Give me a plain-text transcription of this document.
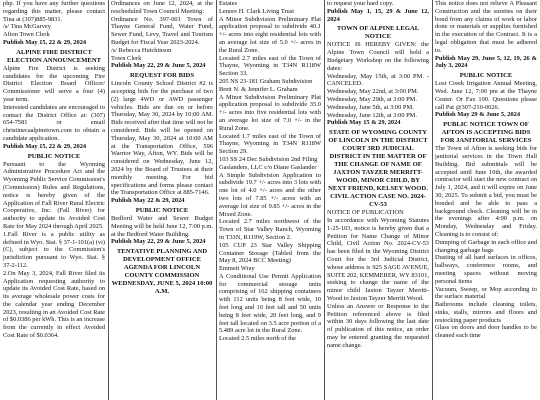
php. If you have any further questions regarding this matter, please contact Tina at (307)885-9831.

/s/ Tina McGarvey

Afton Town Clerk

Publish May 15, 22 & 29, 2024

ALPINE FIRE DISTRICT ELECTION ANNOUNCEMENT

Alpine Fire District is seeking candidates for the upcoming Fire District Election Board Officer/ Commissioner will serve a four (4) year term.

Interested candidates are encouraged to contact the District Office at: (307) 654-7581 or email christinecaalpinetown.com to obtain a candidate application.

Publish May 15, 22 & 29, 2024

PUBLIC NOTICE

Pursuant to the Wyoming Administrative Procedure Act and the Wyoming Public Service Commission's (Commission) Rules and Regulations, notice is hereby given of the Application of Fall River Rural Electric Cooperative, Inc. (Fall River) for authority to update its Avoided Cost Rate for May 2024 through April 2025.

1.Fall River is a public utility as defined in Wyo. Stat. § 37-1-101(a) (vi)(C), subject to the Commission's jurisdiction pursuant to Wyo. Stat. § 37-2-112.

2.On May 3, 2024, Fall River filed its Application requesting authority to update its Avoided Cost Rate, based on its average wholesale power costs for the calendar year ending December 2023, resulting in an Avoided Cost Rate of $0.0386 per kWh. This is an increase from the currently in effect Avoided Cost Rate of $0.0364.

Ordinances on June 12, 2024, at the rescheduled Town Council Meeting:

Ordinance No. 397-001 Town of Thayne General Fund, Water Fund, Sewer Fund, Levy, Travel and Tourism Budget for Fiscal Year 2023-2024.

/s/ Rebecca Hutchinson

Town Clerk

Publish May 22, 29 & June 5, 2024

REQUEST FOR BIDS

Lincoln County School District #2 is accepting bids for the purchase of two (2) large 4WD or AWD passenger vehicles. Bids are due on or before Thursday, May 30, 2024 by 10:00 AM. Bids received after that time will not be considered. Bids will be opened on Thursday, May 30, 2024 at 10:00 AM at the Transportation Office, 596 Warrior Way, Afton, WY. Bids will be considered on Wednesday, June 12, 2024 by the Board of Trustees at their monthly meeting. For bid specifications and forms please contact the Transportation Office at 885-7146.

Publish May 22 & 29, 2024

PUBLIC NOTICE

Bedford Water and Sewer Budget Meeting will be held June 12, 7:00 p.m. at the Bedford Water Building.

Publish May 22, 29 & June 5, 2024

TENTATIVE PLANNING AND DEVELOPMENT OFFICE AGENDA FOR LINCOLN COUNTY COMMISSION WEDNESDAY, JUNE 5, 2024 10:00 A.M.

Estates

Lenore H. Clark Living Trust

A Minor Subdivision Preliminary Plat application proposal to subdivide 40.1 +/- acres into eight residential lots with an average lot size of 5.0 +/- acres in the Rural Zone.

Located 2.7 miles east of the Town of Thayne, Wyoming in T34N R118W Section 33.

205 NS 23-181 Graham Subdivision

Brett N. & Jennifer L. Graham

A Minor Subdivision Preliminary Plat application proposal to subdivide 35.0 +/- acres into five residential lots with an average lot size of 7.0 +/- in the Rural Zone.

Located 1.7 miles east of the Town of Thayne, Wyoming in T34N R118W Section 29.

103 SS 24 Dec Subdivision 2nd Filing

Gaslanders, LLC c/o Diane Gaslander

A Simple Subdivision Application to subdivide 19.7 +/- acres into 3 lots with one lot of 4.0 +/- acres and the other two lots of 7.85 +/- acres with an average lot size of 9.85 +/- acres in the Mixed Zone.

Located 2.7 miles northwest of the Town of Star Valley Ranch, Wyoming in T33N, R119W, Section 2.

105 CUP 23 Star Valley Shipping Container Storage (Tabled from the May 8, 2024 BCC Meeting)

Emmett Wray

A Conditional Use Permit Application for commercial storage units comprising of 162 shipping containers with 112 units being 8 feet wide, 10 feet long and 10 feet tall and 50 units being 8 feet wide, 20 feet long, and 9 feet tall located on 3.5 acre portion of a 5.489 acre lot in the Rural Zone.

Located 2.5 miles north of the

to request your hard copy.

Publish May 1, 15, 29 & June 12, 2024

TOWN OF ALPINE LEGAL NOTICE

NOTICE IS HEREBY GIVEN: the Alpine Town Council will hold a Budgetary Workshop on the following dates:

Wednesday, May 15th, at 3:00 PM. - CANCELED.

Wednesday, May 22nd, at 3:00 PM.

Wednesday, May 29th, at 3:00 PM.

Wednesday, June 5th, at 3:00 PM.

Wednesday, June 12th, at 3:00 PM.

Publish May 15 & 29, 2024

STATE OF WYOMING COUNTY OF LINCOLN IN THE DISTRICT COURT 3RD JUDICIAL DISTRICT IN THE MATTER OF THE CHANGE OF NAME OF JAXTON TAYZER MERRITT-WOOD, MINOR CHILD, BY NEXT FRIEND, KELSEY WOOD. CIVIL ACTION CASE NO. 2024-CV-53

NOTICE OF PUBLICATION

In accordance with Wyoming Statutes 1-25-103, notice is hereby given that a Petition for Name Change of Minor Child, Civil Action No. 2024-CV-53 has been filed in the Wyoming District Court for the 3rd Judicial District, whose address is 925 SAGE AVENUE, SUITE 202, KEMMERER, WY 83101, seeking to change the name of the minor child Jaxton Tayzer Merritt-Wood to Jaxton Tayzer Merritt Wood.

Unless an Answer or Response to the Petition referenced above is filed within 30 days following the last date of publication of this notice, an order may be entered granting the requested name change.

This notice does not relieve A Pleasant Construction and the sureties on their bond from any claims of work or labor done or materials or supplies furnished in the execution of the Contract. It is a legal obligation that must be adhered to.

Publish May 29, June 5, 12, 19, 26 & July 3, 2024

PUBLIC NOTICE

Lost Creek Irrigation Annual Meeting, Wed. June 12, 7:00 pm at the Thayne Center. Or Fax 100. Questions please call Pat @307-210-0026.

Publish May 29 & June 5, 2024

PUBLIC NOTICE TOWN OF AFTON IS ACCEPTING BIDS FOR JANITORIAL SERVICES

The Town of Afton is seeking bids for janitorial services in the Town Hall Building. Bid submittals will be accepted until June 10th, the awarded contractor will start the new contract on July 1, 2024, and it will expire on June 30, 2025. To submit a bid, you must be bonded and be able to pass a background check. Cleaning will be in the evenings after 4:00 p.m. on Monday, Wednesday and Friday. Cleaning is to consist of:

Dumping of Garbage in each office and changing garbage bags

Dusting of all hard surfaces in offices, hallways, conference rooms, and meeting spaces without moving personal items

Vacuum, Sweep, or Mop according to the surface material

Bathrooms include cleaning toilets, sinks, stalls, mirrors and floors and restocking paper products

Glass on doors and door handles to be cleaned each time
